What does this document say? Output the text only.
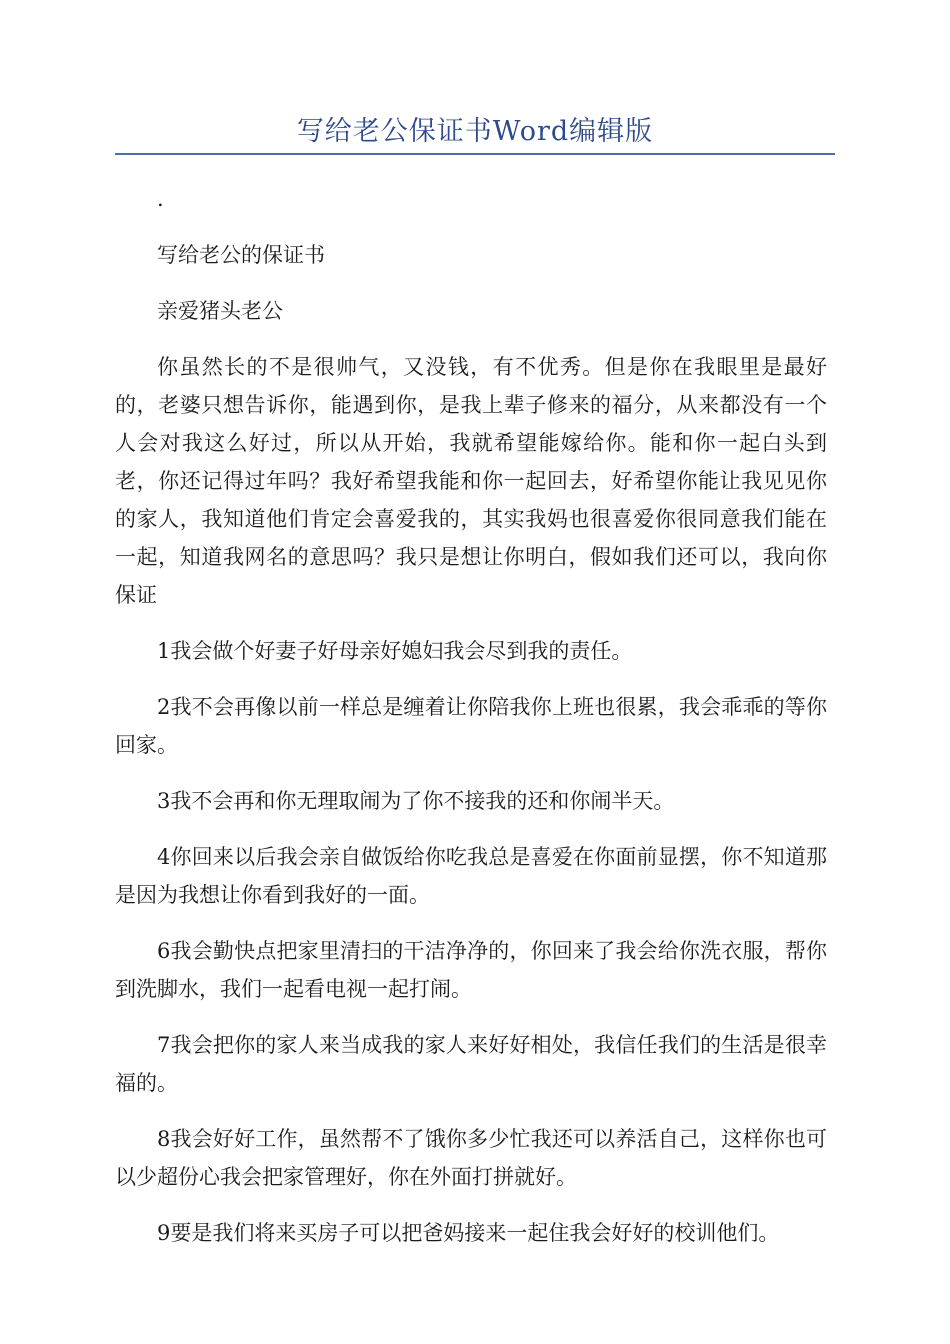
写给老公保证书Word编辑版

.

写给老公的保证书

亲爱猪头老公

你虽然长的不是很帅气，又没钱，有不优秀。但是你在我眼里是最好的，老婆只想告诉你，能遇到你，是我上辈子修来的福分，从来都没有一个人会对我这么好过，所以从开始，我就希望能嫁给你。能和你一起白头到老，你还记得过年吗？我好希望我能和你一起回去，好希望你能让我见见你的家人，我知道他们肯定会喜爱我的，其实我妈也很喜爱你很同意我们能在一起，知道我网名的意思吗？我只是想让你明白，假如我们还可以，我向你保证

1我会做个好妻子好母亲好媳妇我会尽到我的责任。

2我不会再像以前一样总是缠着让你陪我你上班也很累，我会乖乖的等你回家。

3我不会再和你无理取闹为了你不接我的还和你闹半天。

4你回来以后我会亲自做饭给你吃我总是喜爱在你面前显摆，你不知道那是因为我想让你看到我好的一面。

6我会勤快点把家里清扫的干洁净净的，你回来了我会给你洗衣服，帮你到洗脚水，我们一起看电视一起打闹。

7我会把你的家人来当成我的家人来好好相处，我信任我们的生活是很幸福的。

8我会好好工作，虽然帮不了饿你多少忙我还可以养活自己，这样你也可以少超份心我会把家管理好，你在外面打拼就好。

9要是我们将来买房子可以把爸妈接来一起住我会好好的校训他们。
